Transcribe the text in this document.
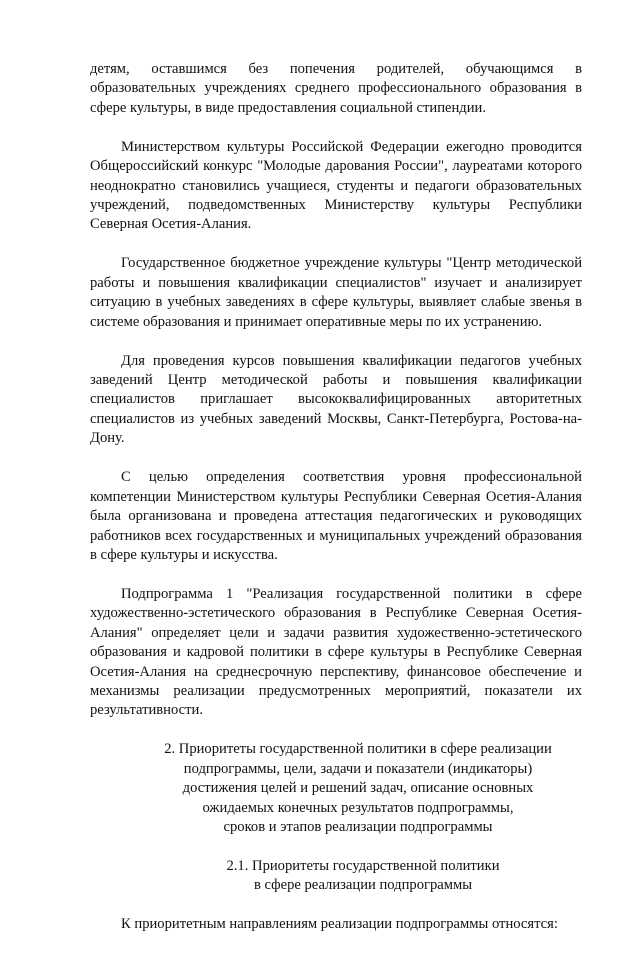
детям, оставшимся без попечения родителей, обучающимся в образовательных учреждениях среднего профессионального образования в сфере культуры, в виде предоставления социальной стипендии.

Министерством культуры Российской Федерации ежегодно проводится Общероссийский конкурс "Молодые дарования России", лауреатами которого неоднократно становились учащиеся, студенты и педагоги образовательных учреждений, подведомственных Министерству культуры Республики Северная Осетия-Алания.

Государственное бюджетное учреждение культуры "Центр методической работы и повышения квалификации специалистов" изучает и анализирует ситуацию в учебных заведениях в сфере культуры, выявляет слабые звенья в системе образования и принимает оперативные меры по их устранению.

Для проведения курсов повышения квалификации педагогов учебных заведений Центр методической работы и повышения квалификации специалистов приглашает высококвалифицированных авторитетных специалистов из учебных заведений Москвы, Санкт-Петербурга, Ростова-на-Дону.

С целью определения соответствия уровня профессиональной компетенции Министерством культуры Республики Северная Осетия-Алания была организована и проведена аттестация педагогических и руководящих работников всех государственных и муниципальных учреждений образования в сфере культуры и искусства.

Подпрограмма 1 "Реализация государственной политики в сфере художественно-эстетического образования в Республике Северная Осетия-Алания" определяет цели и задачи развития художественно-эстетического образования и кадровой политики в сфере культуры в Республике Северная Осетия-Алания на среднесрочную перспективу, финансовое обеспечение и механизмы реализации предусмотренных мероприятий, показатели их результативности.

2. Приоритеты государственной политики в сфере реализации
подпрограммы, цели, задачи и показатели (индикаторы)
достижения целей и решений задач, описание основных
ожидаемых конечных результатов подпрограммы,
сроков и этапов реализации подпрограммы
2.1. Приоритеты государственной политики
в сфере реализации подпрограммы

К приоритетным направлениям реализации подпрограммы относятся:
